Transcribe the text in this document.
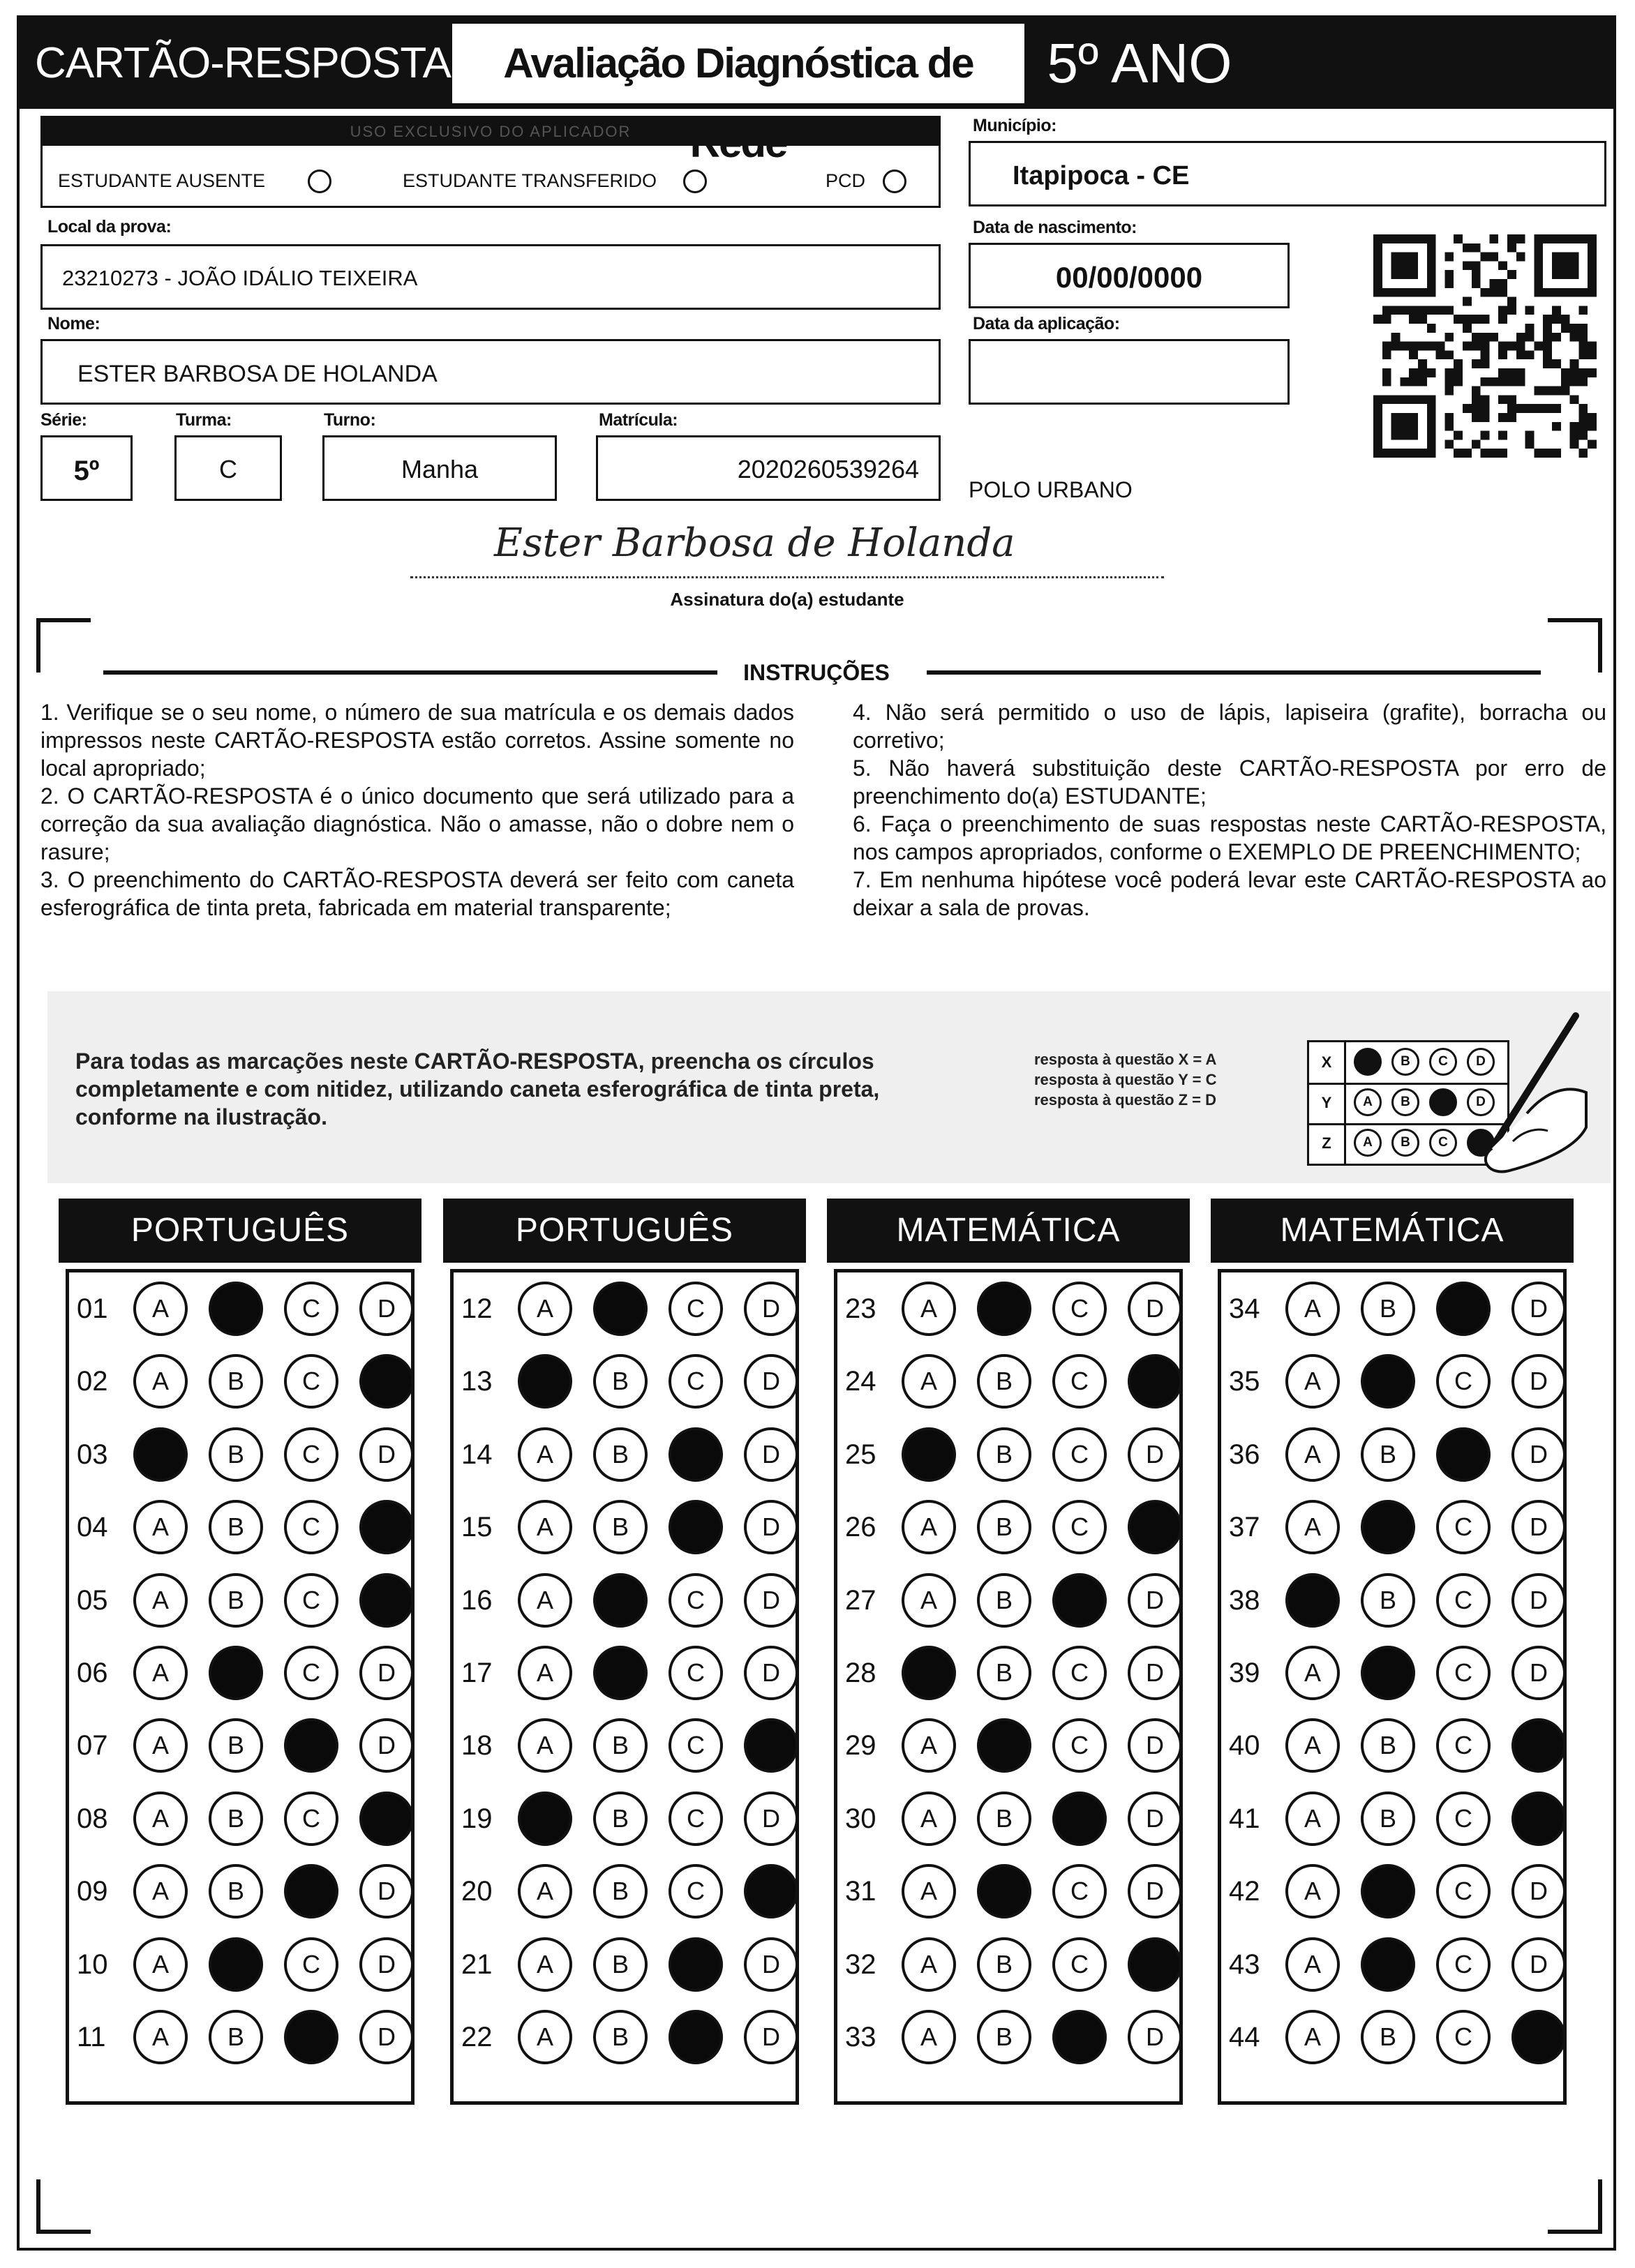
CARTÃO-RESPOSTA	Avaliação Diagnóstica de	5º ANO
USO EXCLUSIVO DO APLICADOR
ESTUDANTE AUSENTE	ESTUDANTE TRANSFERIDO	PCD
Local da prova:
23210273 - JOÃO IDÁLIO TEIXEIRA
Nome:
ESTER BARBOSA DE HOLANDA
Série:	Turma:	Turno:	Matrícula:
5º	C	Manha	2020260539264
Município:
Itapipoca - CE
Data de nascimento:
00/00/0000
Data da aplicação:
POLO URBANO
Ester Barbosa de Holanda
Assinatura do(a) estudante
INSTRUÇÕES

1. Verifique se o seu nome, o número de sua matrícula e os demais dados impressos neste CARTÃO-RESPOSTA estão corretos. Assine somente no local apropriado;

2. O CARTÃO-RESPOSTA é o único documento que será utilizado para a correção da sua avaliação diagnóstica. Não o amasse, não o dobre nem o rasure;

3. O preenchimento do CARTÃO-RESPOSTA deverá ser feito com caneta esferográfica de tinta preta, fabricada em material transparente;

4. Não será permitido o uso de lápis, lapiseira (grafite), borracha ou corretivo;

5. Não haverá substituição deste CARTÃO-RESPOSTA por erro de preenchimento do(a) ESTUDANTE;

6. Faça o preenchimento de suas respostas neste CARTÃO-RESPOSTA, nos campos apropriados, conforme o EXEMPLO DE PREENCHIMENTO;

7. Em nenhuma hipótese você poderá levar este CARTÃO-RESPOSTA ao deixar a sala de provas.

Para todas as marcações neste CARTÃO-RESPOSTA, preencha os círculos completamente e com nitidez, utilizando caneta esferográfica de tinta preta, conforme na ilustração.
resposta à questão X = A
resposta à questão Y = C
resposta à questão Z = D
X	A	B	C	D
Y	A	B	C	D
Z	A	B	C	D
PORTUGUÊS
01	A	B	C	D
02	A	B	C	D
03	A	B	C	D
04	A	B	C	D
05	A	B	C	D
06	A	B	C	D
07	A	B	C	D
08	A	B	C	D
09	A	B	C	D
10	A	B	C	D
11	A	B	C	D
PORTUGUÊS
12	A	B	C	D
13	A	B	C	D
14	A	B	C	D
15	A	B	C	D
16	A	B	C	D
17	A	B	C	D
18	A	B	C	D
19	A	B	C	D
20	A	B	C	D
21	A	B	C	D
22	A	B	C	D
MATEMÁTICA
23	A	B	C	D
24	A	B	C	D
25	A	B	C	D
26	A	B	C	D
27	A	B	C	D
28	A	B	C	D
29	A	B	C	D
30	A	B	C	D
31	A	B	C	D
32	A	B	C	D
33	A	B	C	D
MATEMÁTICA
34	A	B	C	D
35	A	B	C	D
36	A	B	C	D
37	A	B	C	D
38	A	B	C	D
39	A	B	C	D
40	A	B	C	D
41	A	B	C	D
42	A	B	C	D
43	A	B	C	D
44	A	B	C	D
